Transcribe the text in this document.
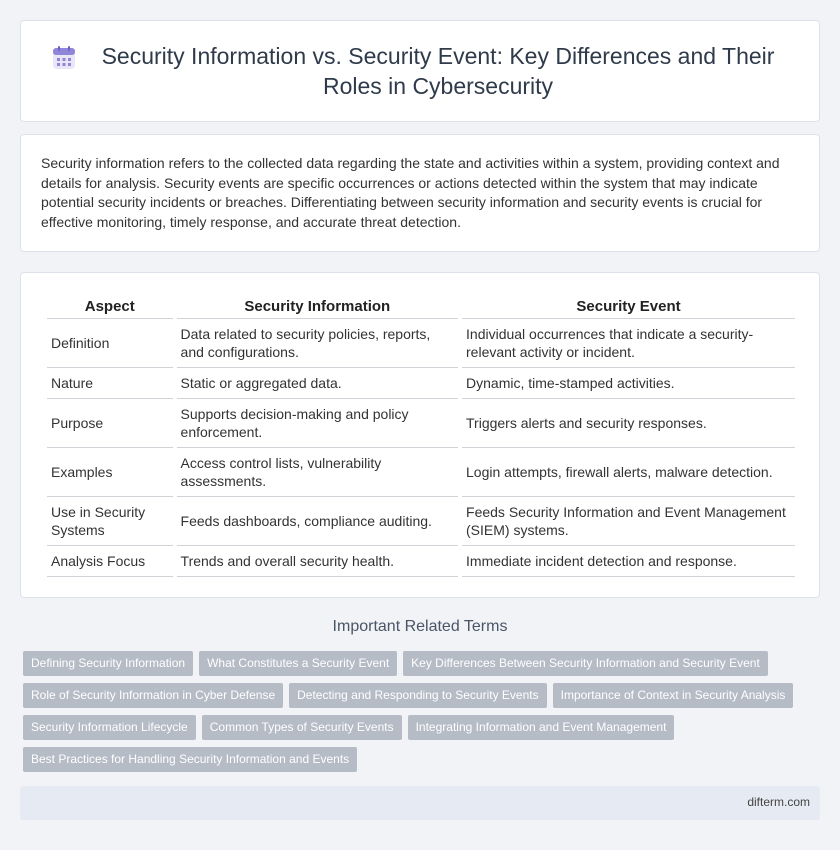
Security Information vs. Security Event: Key Differences and Their Roles in Cybersecurity

Security information refers to the collected data regarding the state and activities within a system, providing context and details for analysis. Security events are specific occurrences or actions detected within the system that may indicate potential security incidents or breaches. Differentiating between security information and security events is crucial for effective monitoring, timely response, and accurate threat detection.

Aspect	Security Information	Security Event
Definition	Data related to security policies, reports, and configurations.	Individual occurrences that indicate a security-relevant activity or incident.
Nature	Static or aggregated data.	Dynamic, time-stamped activities.
Purpose	Supports decision-making and policy enforcement.	Triggers alerts and security responses.
Examples	Access control lists, vulnerability assessments.	Login attempts, firewall alerts, malware detection.
Use in Security Systems	Feeds dashboards, compliance auditing.	Feeds Security Information and Event Management (SIEM) systems.
Analysis Focus	Trends and overall security health.	Immediate incident detection and response.
Important Related Terms
Defining Security Information	What Constitutes a Security Event	Key Differences Between Security Information and Security Event
Role of Security Information in Cyber Defense	Detecting and Responding to Security Events	Importance of Context in Security Analysis
Security Information Lifecycle	Common Types of Security Events	Integrating Information and Event Management
Best Practices for Handling Security Information and Events
difterm.com
